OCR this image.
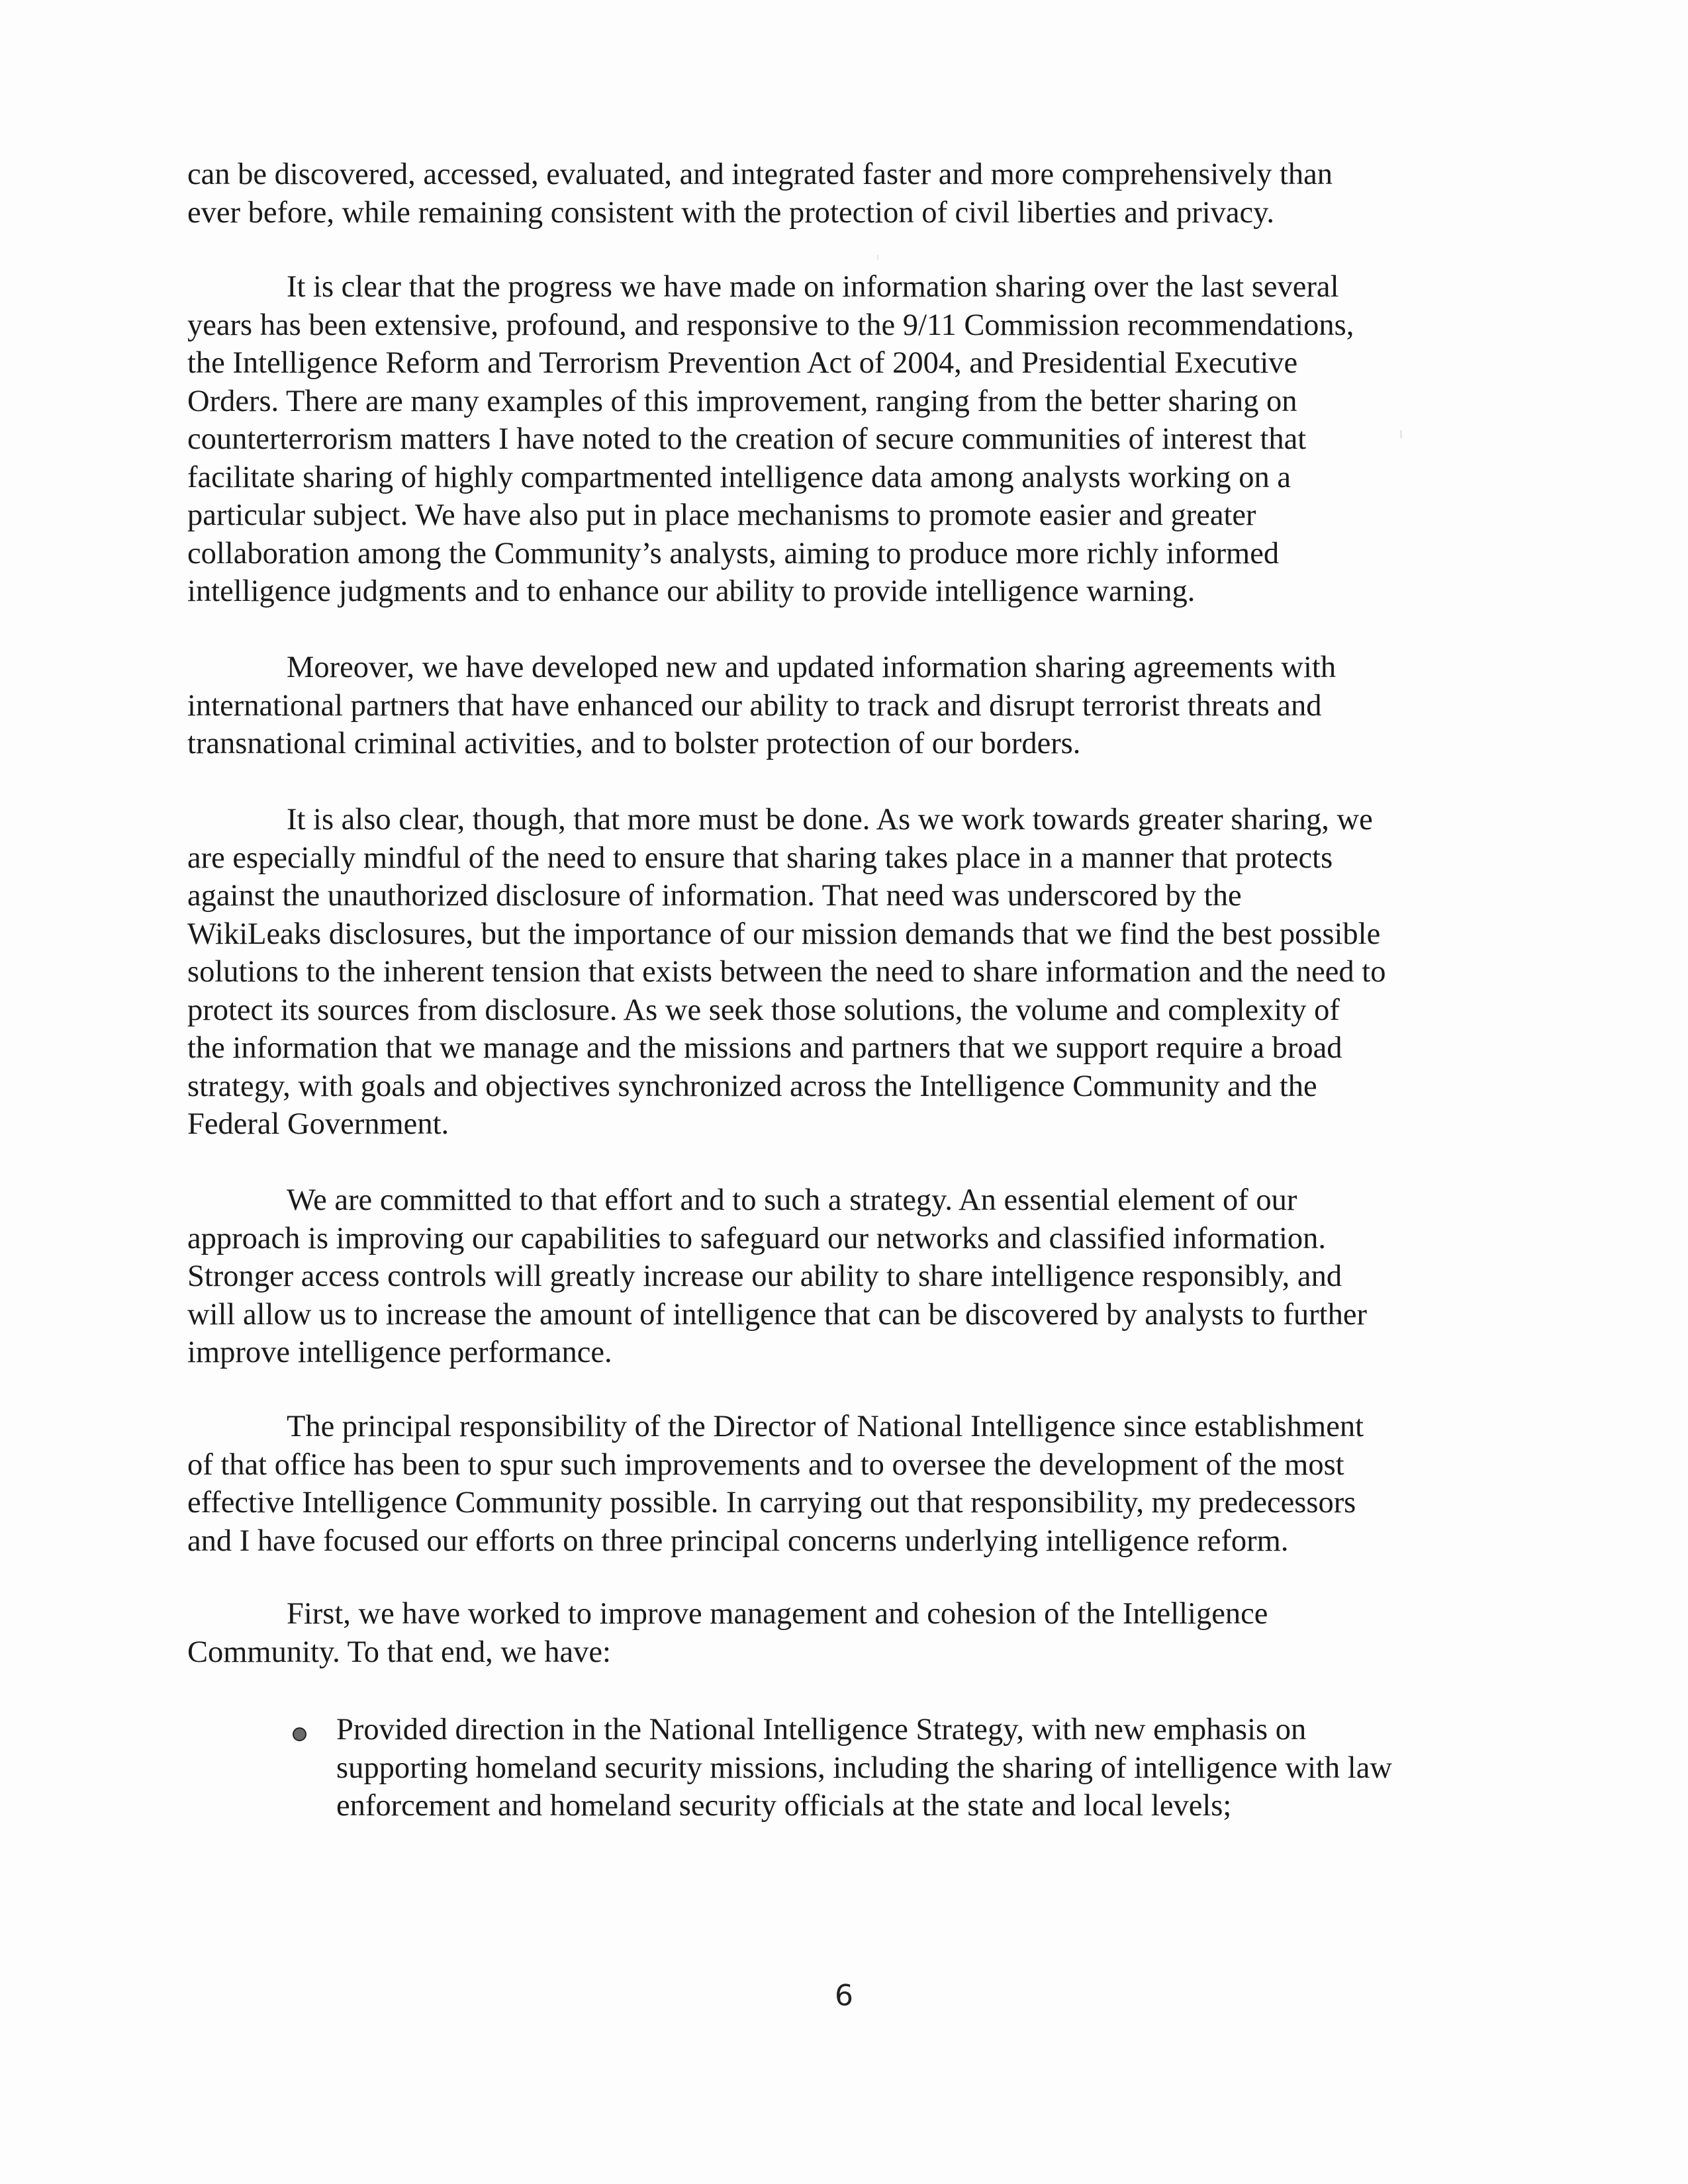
can be discovered, accessed, evaluated, and integrated faster and more comprehensively than
ever before, while remaining consistent with the protection of civil liberties and privacy.
It is clear that the progress we have made on information sharing over the last several
years has been extensive, profound, and responsive to the 9/11 Commission recommendations,
the Intelligence Reform and Terrorism Prevention Act of 2004, and Presidential Executive
Orders. There are many examples of this improvement, ranging from the better sharing on
counterterrorism matters I have noted to the creation of secure communities of interest that
facilitate sharing of highly compartmented intelligence data among analysts working on a
particular subject. We have also put in place mechanisms to promote easier and greater
collaboration among the Community’s analysts, aiming to produce more richly informed
intelligence judgments and to enhance our ability to provide intelligence warning.
Moreover, we have developed new and updated information sharing agreements with
international partners that have enhanced our ability to track and disrupt terrorist threats and
transnational criminal activities, and to bolster protection of our borders.
It is also clear, though, that more must be done. As we work towards greater sharing, we
are especially mindful of the need to ensure that sharing takes place in a manner that protects
against the unauthorized disclosure of information. That need was underscored by the
WikiLeaks disclosures, but the importance of our mission demands that we find the best possible
solutions to the inherent tension that exists between the need to share information and the need to
protect its sources from disclosure. As we seek those solutions, the volume and complexity of
the information that we manage and the missions and partners that we support require a broad
strategy, with goals and objectives synchronized across the Intelligence Community and the
Federal Government.
We are committed to that effort and to such a strategy. An essential element of our
approach is improving our capabilities to safeguard our networks and classified information.
Stronger access controls will greatly increase our ability to share intelligence responsibly, and
will allow us to increase the amount of intelligence that can be discovered by analysts to further
improve intelligence performance.
The principal responsibility of the Director of National Intelligence since establishment
of that office has been to spur such improvements and to oversee the development of the most
effective Intelligence Community possible. In carrying out that responsibility, my predecessors
and I have focused our efforts on three principal concerns underlying intelligence reform.
First, we have worked to improve management and cohesion of the Intelligence
Community. To that end, we have:
Provided direction in the National Intelligence Strategy, with new emphasis on
supporting homeland security missions, including the sharing of intelligence with law
enforcement and homeland security officials at the state and local levels;
6
